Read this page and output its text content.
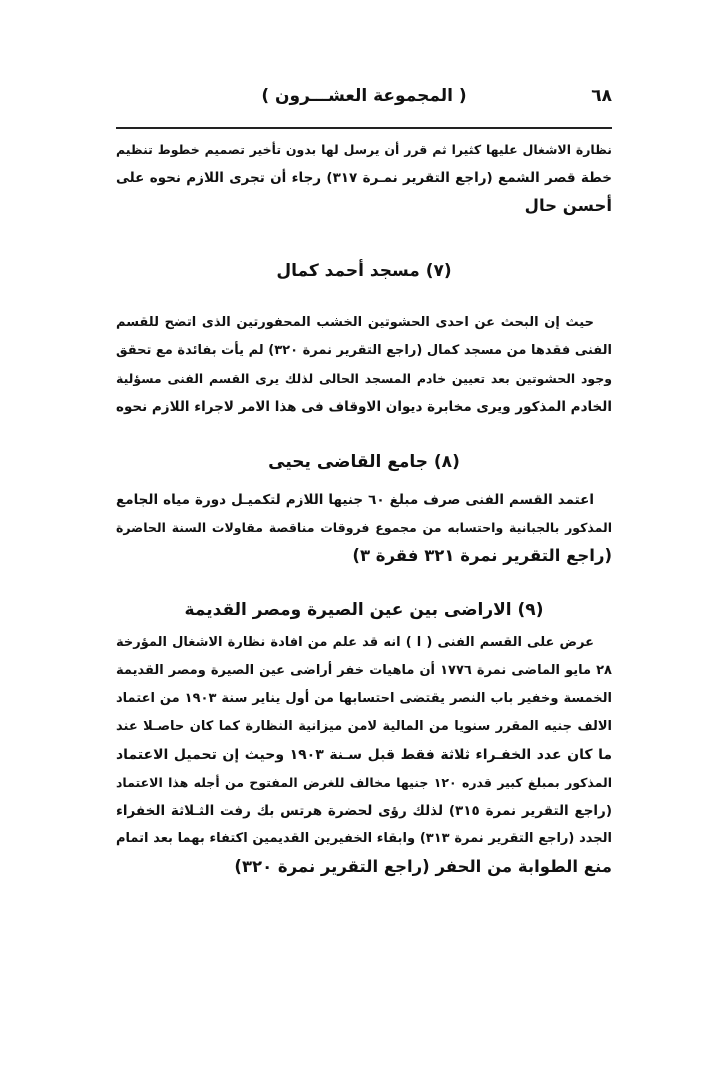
٦٨
( المجموعة العشـــرون )
نظارة الاشغال عليها كثيرا ثم قرر أن يرسل لها بدون تأخير تصميم خطوط تنظيم
خطة قصر الشمع (راجع التقرير نمـرة ٣١٧) رجاء أن تجرى اللازم نحوه على
أحسن حال
(٧) مسجد أحمد كمال
حيث إن البحث عن احدى الحشوتين الخشب المحفورتين الذى اتضح للقسم
الفنى فقدها من مسجد كمال (راجع التقرير نمرة ٣٢٠) لم يأت بفائدة مع تحقق
وجود الحشوتين بعد تعيين خادم المسجد الحالى لذلك يرى القسم الفنى مسؤلية
الخادم المذكور ويرى مخابرة ديوان الاوقاف فى هذا الامر لاجراء اللازم نحوه
(٨) جامع القاضى يحيى
اعتمد القسم الفنى صرف مبلغ ٦٠ جنيها اللازم لتكميـل دورة مياه الجامع
المذكور بالجبانية واحتسابه من مجموع فروقات مناقصة مقاولات السنة الحاضرة
(راجع التقرير نمرة ٣٢١ فقرة ٣)
(٩) الاراضى بين عين الصيرة ومصر القديمة
عرض على القسم الفنى ( ا ) انه قد علم من افادة نظارة الاشغال المؤرخة
٢٨ مايو الماضى نمرة ١٧٧٦ أن ماهيات خفر أراضى عين الصيرة ومصر القديمة
الخمسة وخفير باب النصر يقتضى احتسابها من أول يناير سنة ١٩٠٣ من اعتماد
الالف جنيه المقرر سنويا من المالية لامن ميزانية النظارة كما كان حاصـلا عند
ما كان عدد الخفـراء ثلاثة فقط قبل سـنة ١٩٠٣ وحيث إن تحميل الاعتماد
المذكور بمبلغ كبير قدره ١٢٠ جنيها مخالف للغرض المفتوح من أجله هذا الاعتماد
(راجع التقرير نمرة ٣١٥) لذلك رؤى لحضرة هرتس بك رفت الثـلاثة الخفراء
الجدد (راجع التقرير نمرة ٣١٣) وابقاء الخفيرين القديمين اكتفاء بهما بعد اتمام
منع الطوابة من الحفر (راجع التقرير نمرة ٣٢٠)
